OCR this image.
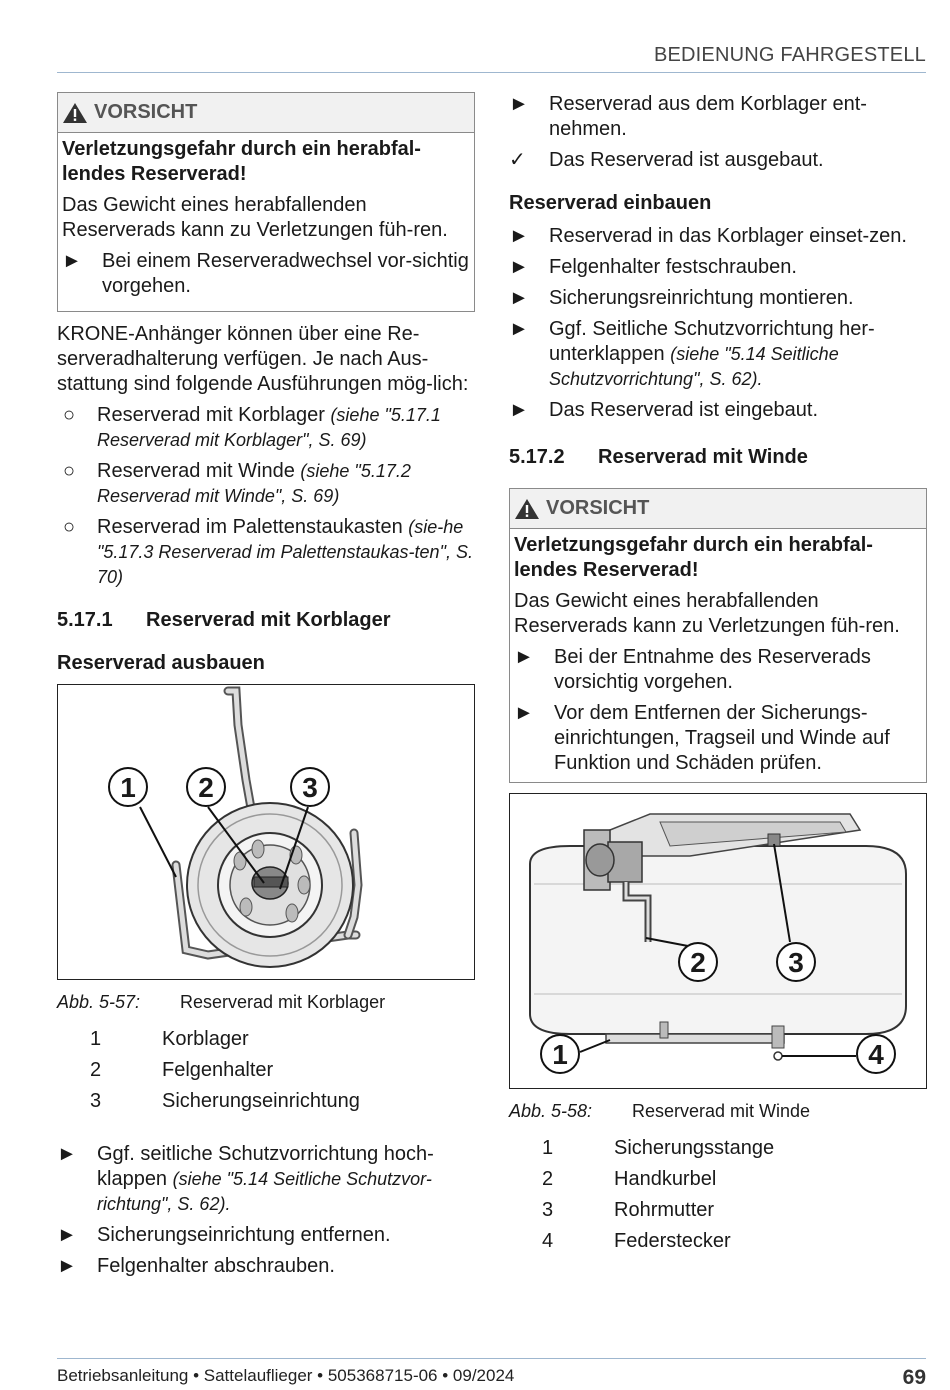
BEDIENUNG FAHRGESTELL
VORSICHT
Verletzungsgefahr durch ein herabfal-lendes Reserverad!
Das Gewicht eines herabfallenden Reserverads kann zu Verletzungen füh-ren.
►	Bei einem Reserveradwechsel vor-sichtig vorgehen.
KRONE-Anhänger können über eine Re-serveradhalterung verfügen. Je nach Aus-stattung sind folgende Ausführungen mög-lich:
○	Reserverad mit Korblager (siehe "5.17.1 Reserverad mit Korblager", S. 69)
○	Reserverad mit Winde (siehe "5.17.2 Reserverad mit Winde", S. 69)
○	Reserverad im Palettenstaukasten (sie-he "5.17.3 Reserverad im Palettenstaukas-ten", S. 70)
5.17.1	Reserverad mit Korblager
Reserverad ausbauen
1	2	3
Abb. 5-57:	Reserverad mit Korblager
1	Korblager
2	Felgenhalter
3	Sicherungseinrichtung
►	Ggf. seitliche Schutzvorrichtung hoch-klappen (siehe "5.14 Seitliche Schutzvor-richtung", S. 62).
►	Sicherungseinrichtung entfernen.
►	Felgenhalter abschrauben.
►	Reserverad aus dem Korblager ent-nehmen.
✓	Das Reserverad ist ausgebaut.
Reserverad einbauen
►	Reserverad in das Korblager einset-zen.
►	Felgenhalter festschrauben.
►	Sicherungsreinrichtung montieren.
►	Ggf. Seitliche Schutzvorrichtung her-unterklappen (siehe "5.14 Seitliche Schutzvorrichtung", S. 62).
►	Das Reserverad ist eingebaut.
5.17.2	Reserverad mit Winde
VORSICHT
Verletzungsgefahr durch ein herabfal-lendes Reserverad!
Das Gewicht eines herabfallenden Reserverads kann zu Verletzungen füh-ren.
►	Bei der Entnahme des Reserverads vorsichtig vorgehen.
►	Vor dem Entfernen der Sicherungs-einrichtungen, Tragseil und Winde auf Funktion und Schäden prüfen.
2	3
1	4
Abb. 5-58:	Reserverad mit Winde
1	Sicherungsstange
2	Handkurbel
3	Rohrmutter
4	Federstecker
Betriebsanleitung • Sattelauflieger • 505368715-06 • 09/2024	69
